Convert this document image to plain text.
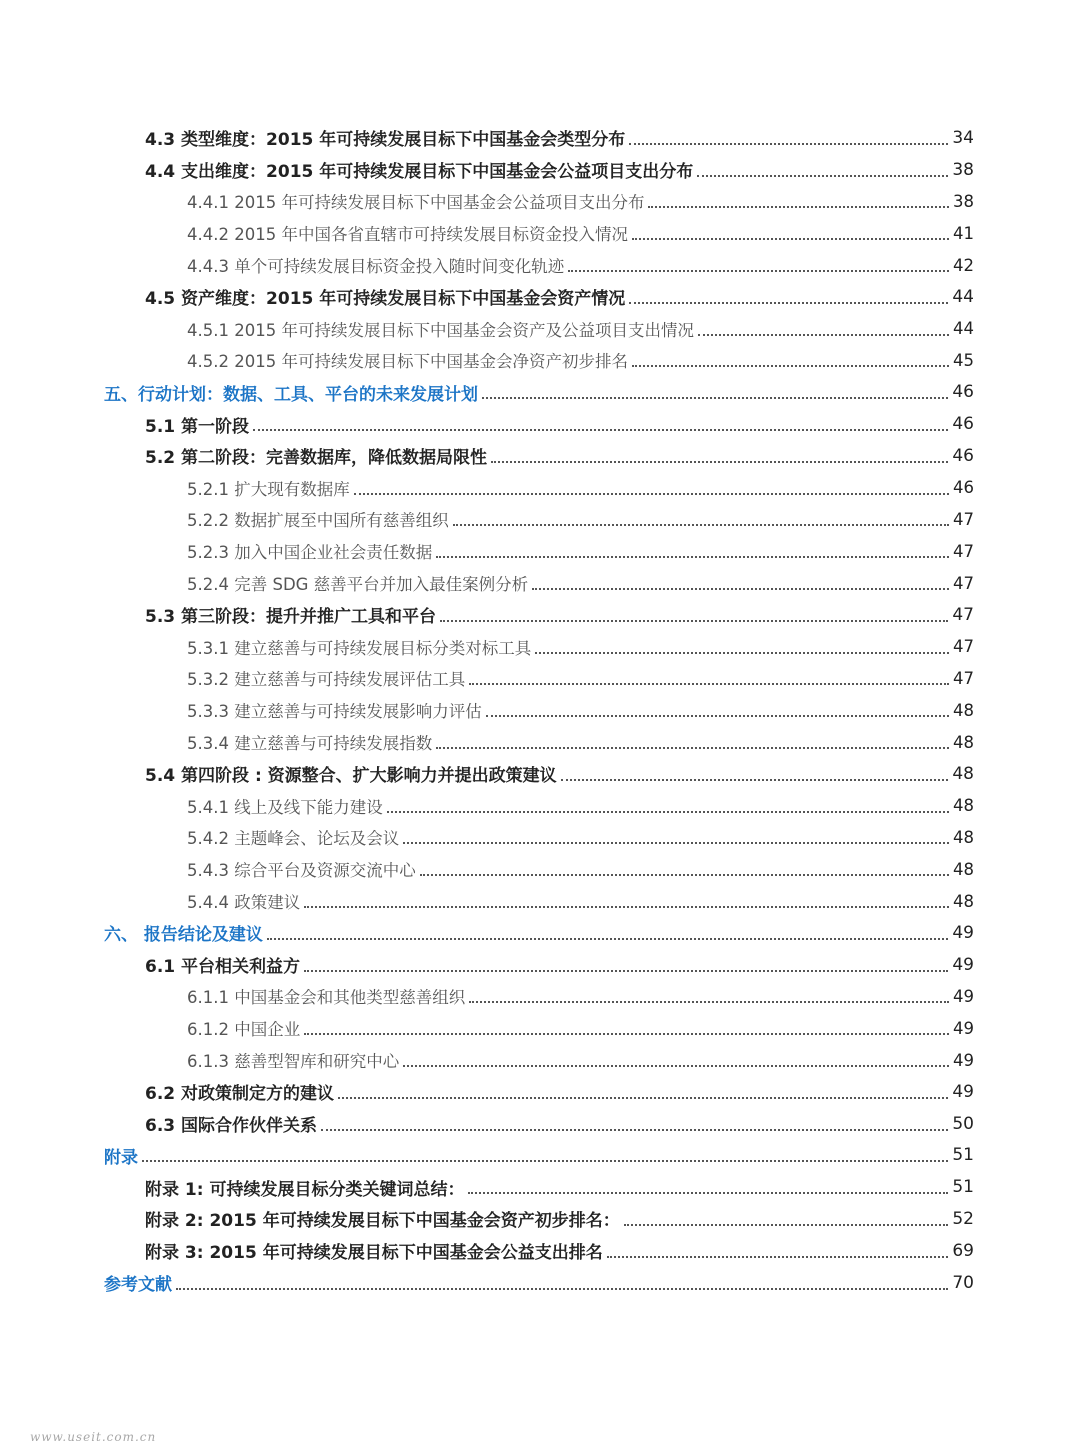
4.3 类型维度：2015 年可持续发展目标下中国基金会类型分布	34
4.4 支出维度：2015 年可持续发展目标下中国基金会公益项目支出分布	38
4.4.1 2015 年可持续发展目标下中国基金会公益项目支出分布	38
4.4.2 2015 年中国各省直辖市可持续发展目标资金投入情况	41
4.4.3 单个可持续发展目标资金投入随时间变化轨迹	42
4.5 资产维度：2015 年可持续发展目标下中国基金会资产情况	44
4.5.1 2015 年可持续发展目标下中国基金会资产及公益项目支出情况	44
4.5.2 2015 年可持续发展目标下中国基金会净资产初步排名	45
五、行动计划：数据、工具、平台的未来发展计划	46
5.1 第一阶段	46
5.2 第二阶段：完善数据库，降低数据局限性	46
5.2.1 扩大现有数据库	46
5.2.2 数据扩展至中国所有慈善组织	47
5.2.3 加入中国企业社会责任数据	47
5.2.4 完善 SDG 慈善平台并加入最佳案例分析	47
5.3 第三阶段：提升并推广工具和平台	47
5.3.1 建立慈善与可持续发展目标分类对标工具	47
5.3.2 建立慈善与可持续发展评估工具	47
5.3.3 建立慈善与可持续发展影响力评估	48
5.3.4 建立慈善与可持续发展指数	48
5.4 第四阶段 : 资源整合、扩大影响力并提出政策建议	48
5.4.1 线上及线下能力建设	48
5.4.2 主题峰会、论坛及会议	48
5.4.3 综合平台及资源交流中心	48
5.4.4 政策建议	48
六、 报告结论及建议	49
6.1 平台相关利益方	49
6.1.1 中国基金会和其他类型慈善组织	49
6.1.2 中国企业	49
6.1.3 慈善型智库和研究中心	49
6.2 对政策制定方的建议	49
6.3 国际合作伙伴关系	50
附录	51
附录 1: 可持续发展目标分类关键词总结：	51
附录 2: 2015 年可持续发展目标下中国基金会资产初步排名：	52
附录 3: 2015 年可持续发展目标下中国基金会公益支出排名	69
参考文献	70
www.useit.com.cn
